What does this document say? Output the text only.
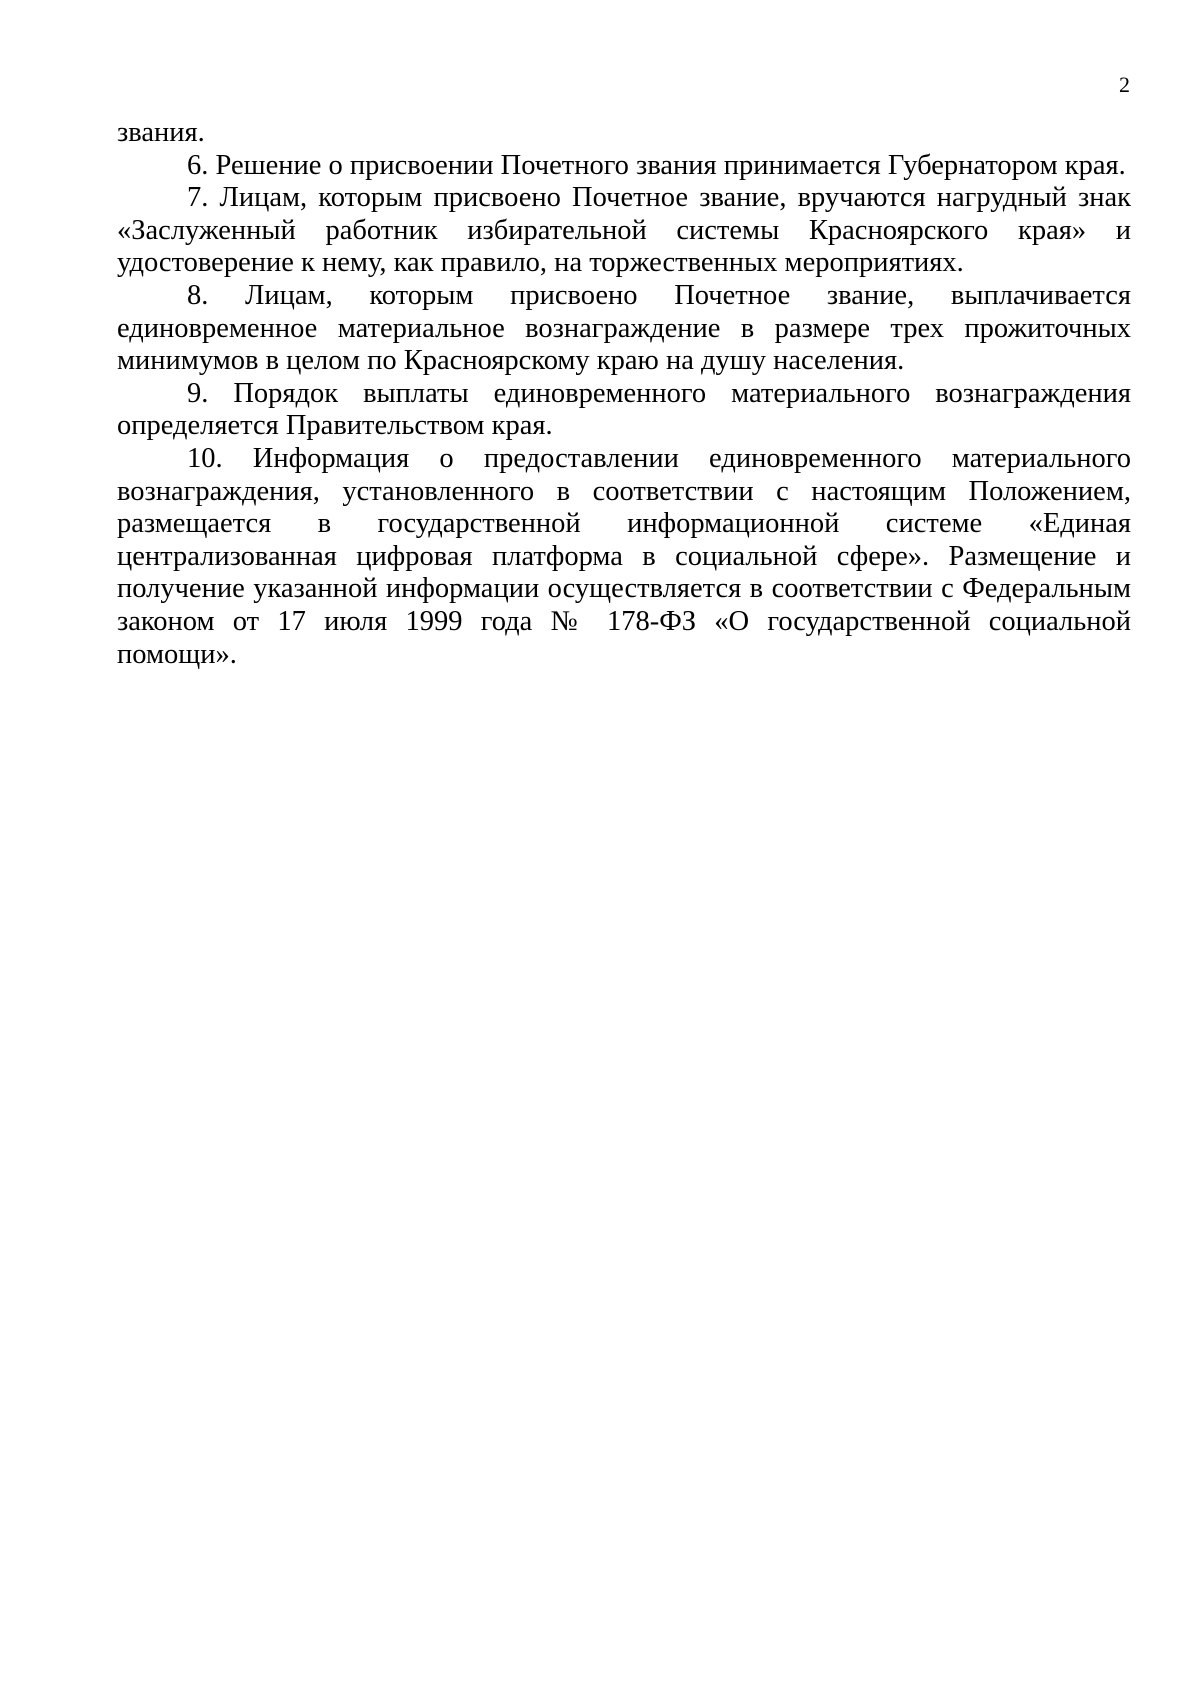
2

звания.

6. Решение о присвоении Почетного звания принимается Губернатором края.

7. Лицам, которым присвоено Почетное звание, вручаются нагрудный знак «Заслуженный работник избирательной системы Красноярского края» и удостоверение к нему, как правило, на торжественных мероприятиях.

8. Лицам, которым присвоено Почетное звание, выплачивается единовременное материальное вознаграждение в размере трех прожиточных минимумов в целом по Красноярскому краю на душу населения.

9. Порядок выплаты единовременного материального вознаграждения определяется Правительством края.

10. Информация о предоставлении единовременного материального вознаграждения, установленного в соответствии с настоящим Положением, размещается в государственной информационной системе «Единая централизованная цифровая платформа в социальной сфере». Размещение и получение указанной информации осуществляется в соответствии с Федеральным законом от 17 июля 1999 года № 178-ФЗ «О государственной социальной помощи».
